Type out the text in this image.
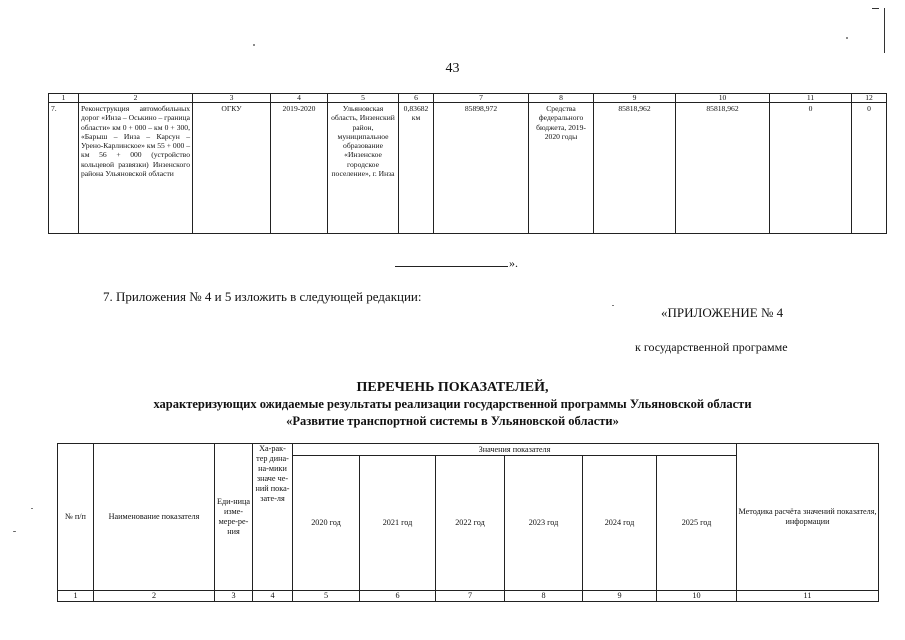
43
1	2	3	4	5	6	7	8	9	10	11	12
7.	Реконструкция автомобильных дорог «Инза – Оськино – граница области» км 0 + 000 – км 0 + 300, «Барыш – Инза – Карсун – Урено-Карлинское» км 55 + 000 – км 56 + 000 (устройство кольцевой развязки) Инзенского района Ульяновской области	ОГКУ	2019-2020	Ульяновская область, Инзенский район, муниципальное образование «Инзенское городское поселение», г. Инза	0,83682 км	85898,972	Средства федерального бюджета, 2019-2020 годы	85818,962	85818,962	0	0
».
7. Приложения № 4 и 5 изложить в следующей редакции:
«ПРИЛОЖЕНИЕ № 4
к государственной программе
ПЕРЕЧЕНЬ ПОКАЗАТЕЛЕЙ,
характеризующих ожидаемые результаты реализации государственной программы Ульяновской области
«Развитие транспортной системы в Ульяновской области»
№ п/п	Наименование показателя	Еди-ница изме-мере-ре-ния	Ха-рак-тер дина-на-мики значе че-ний пока-зате-ля	Значения показателя						Методика расчёта значений показателя, информации
				2020 год	2021 год	2022 год	2023 год	2024 год	2025 год	
1	2	3	4	5	6	7	8	9	10	11
